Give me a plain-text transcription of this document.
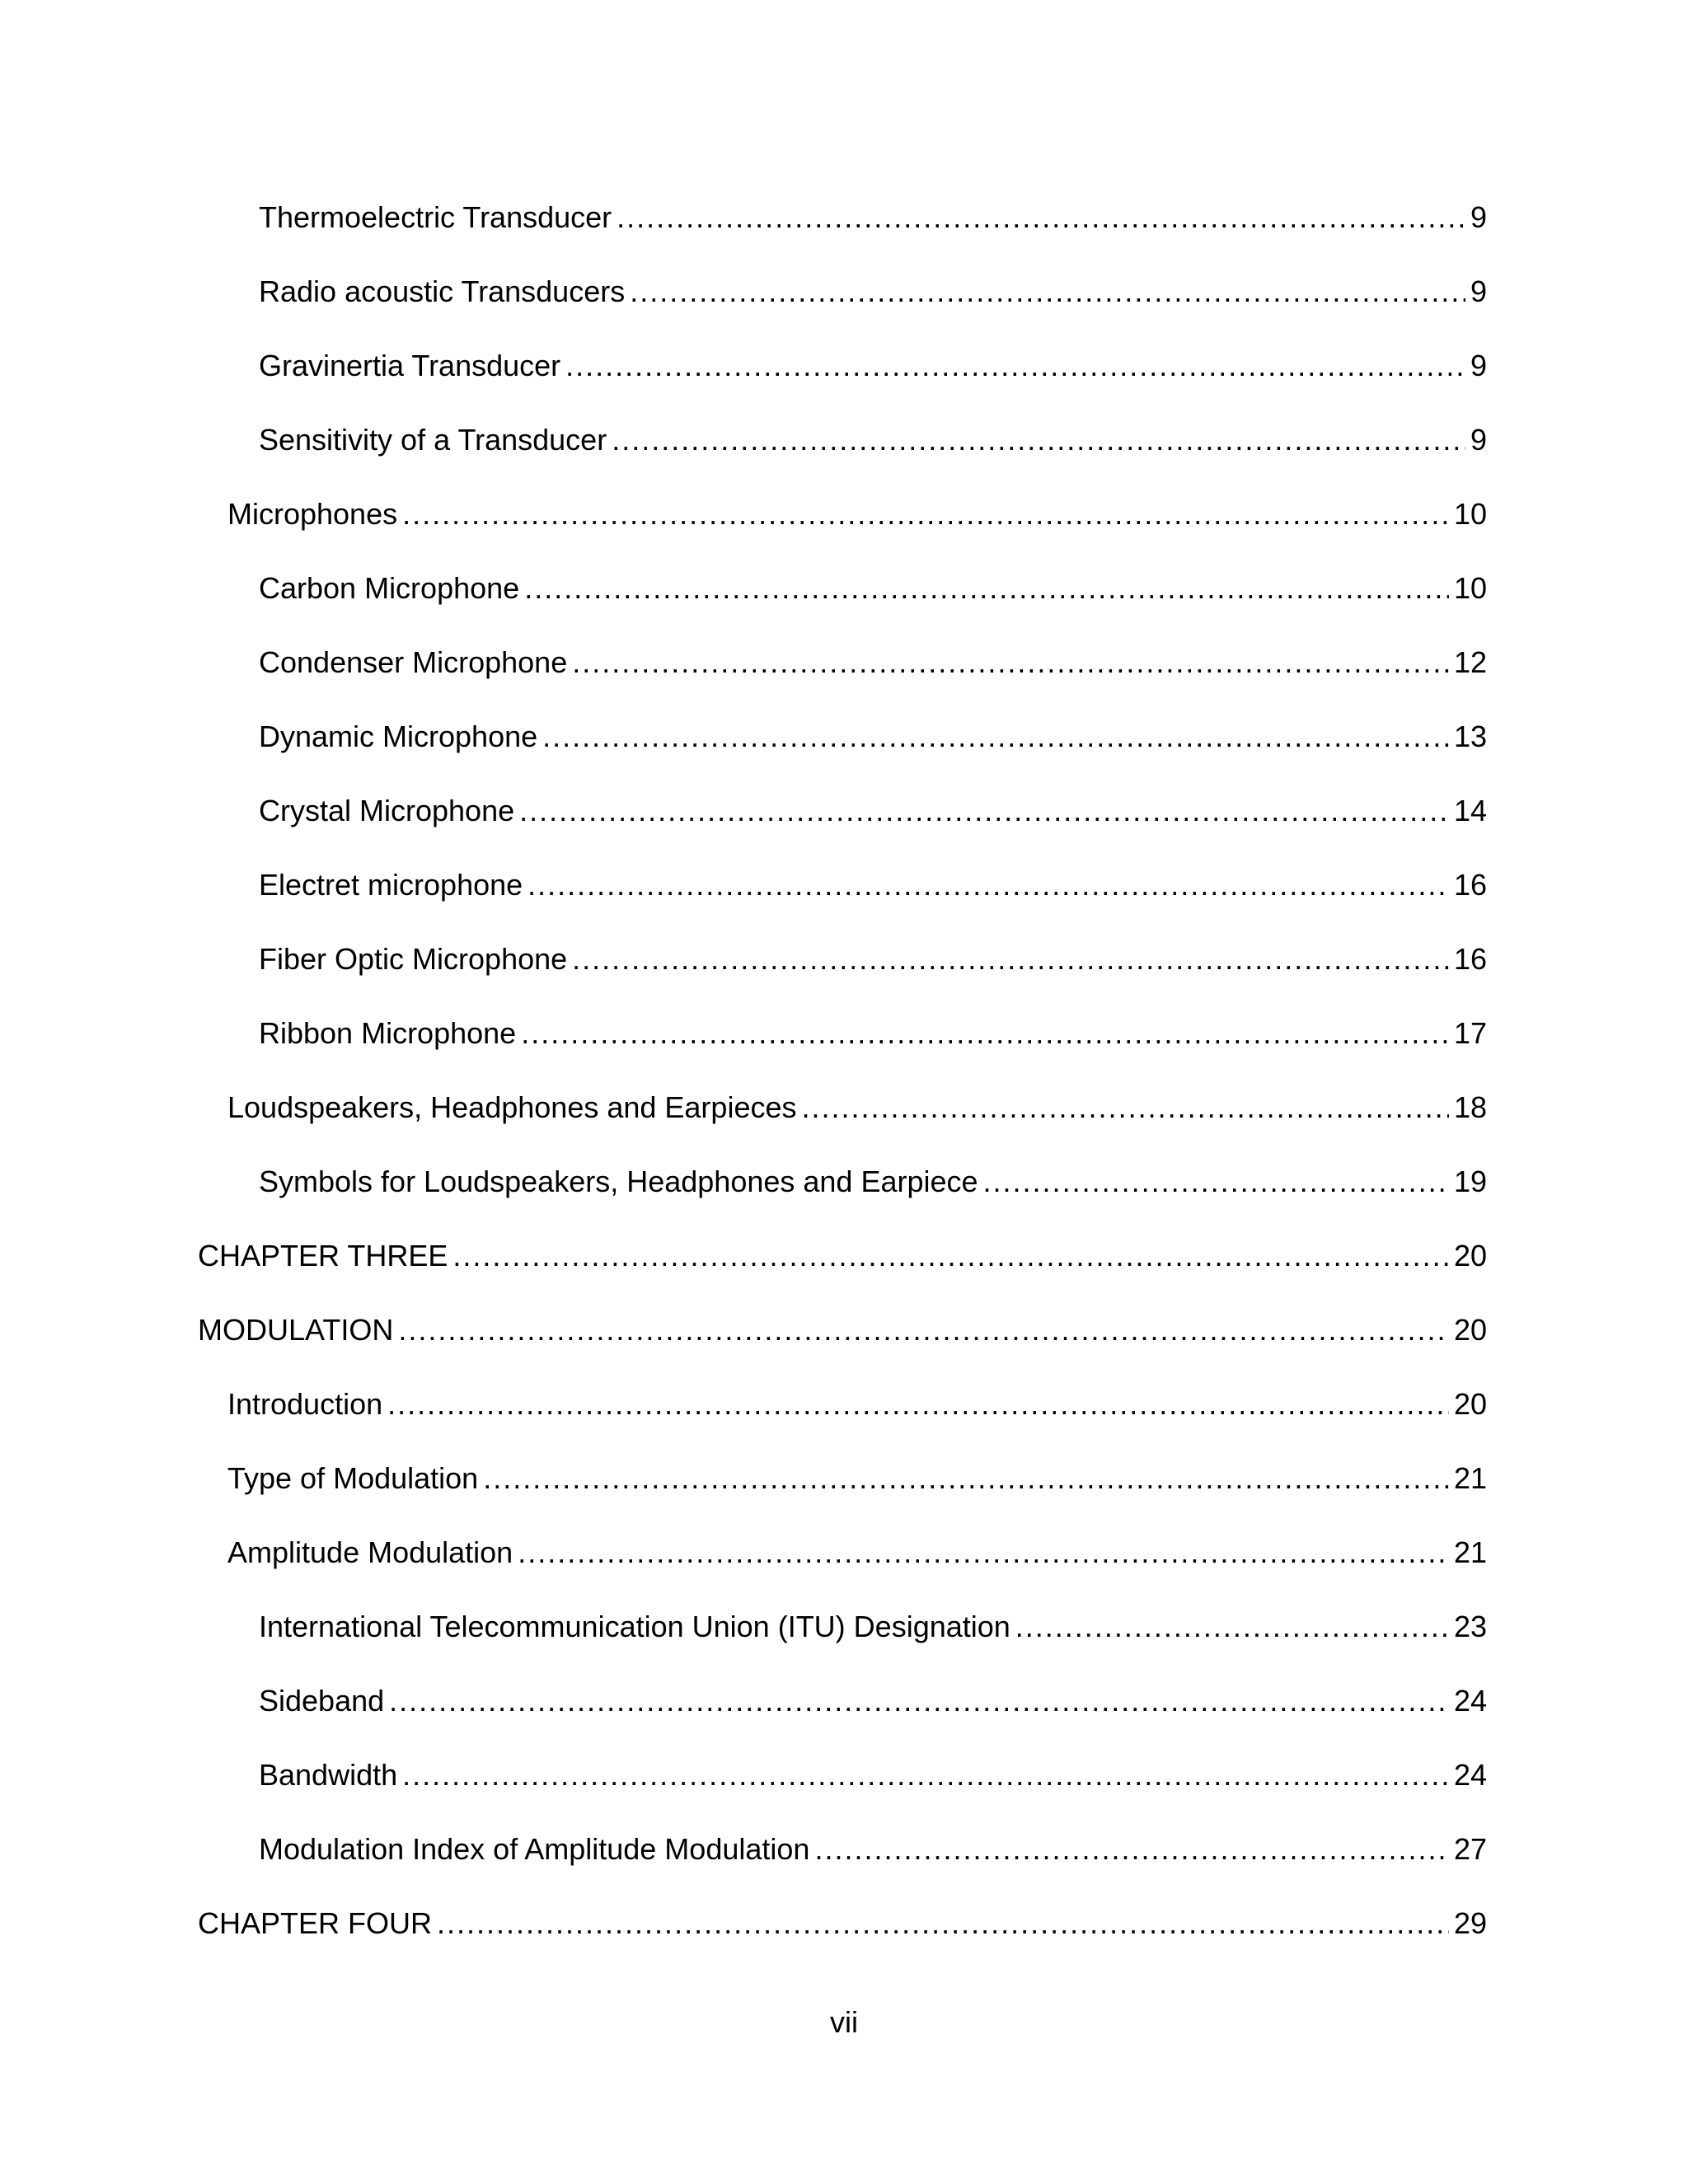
Thermoelectric Transducer .....	9
Radio acoustic Transducers .....	9
Gravinertia Transducer .....	9
Sensitivity of a Transducer .....	9
Microphones .....	10
Carbon Microphone .....	10
Condenser Microphone .....	12
Dynamic Microphone .....	13
Crystal Microphone .....	14
Electret microphone .....	16
Fiber Optic Microphone .....	16
Ribbon Microphone .....	17
Loudspeakers, Headphones and Earpieces .....	18
Symbols for Loudspeakers, Headphones and Earpiece .....	19
CHAPTER THREE .....	20
MODULATION .....	20
Introduction .....	20
Type of Modulation .....	21
Amplitude Modulation .....	21
International Telecommunication Union (ITU) Designation .....	23
Sideband .....	24
Bandwidth .....	24
Modulation Index of Amplitude Modulation .....	27
CHAPTER FOUR .....	29
vii
